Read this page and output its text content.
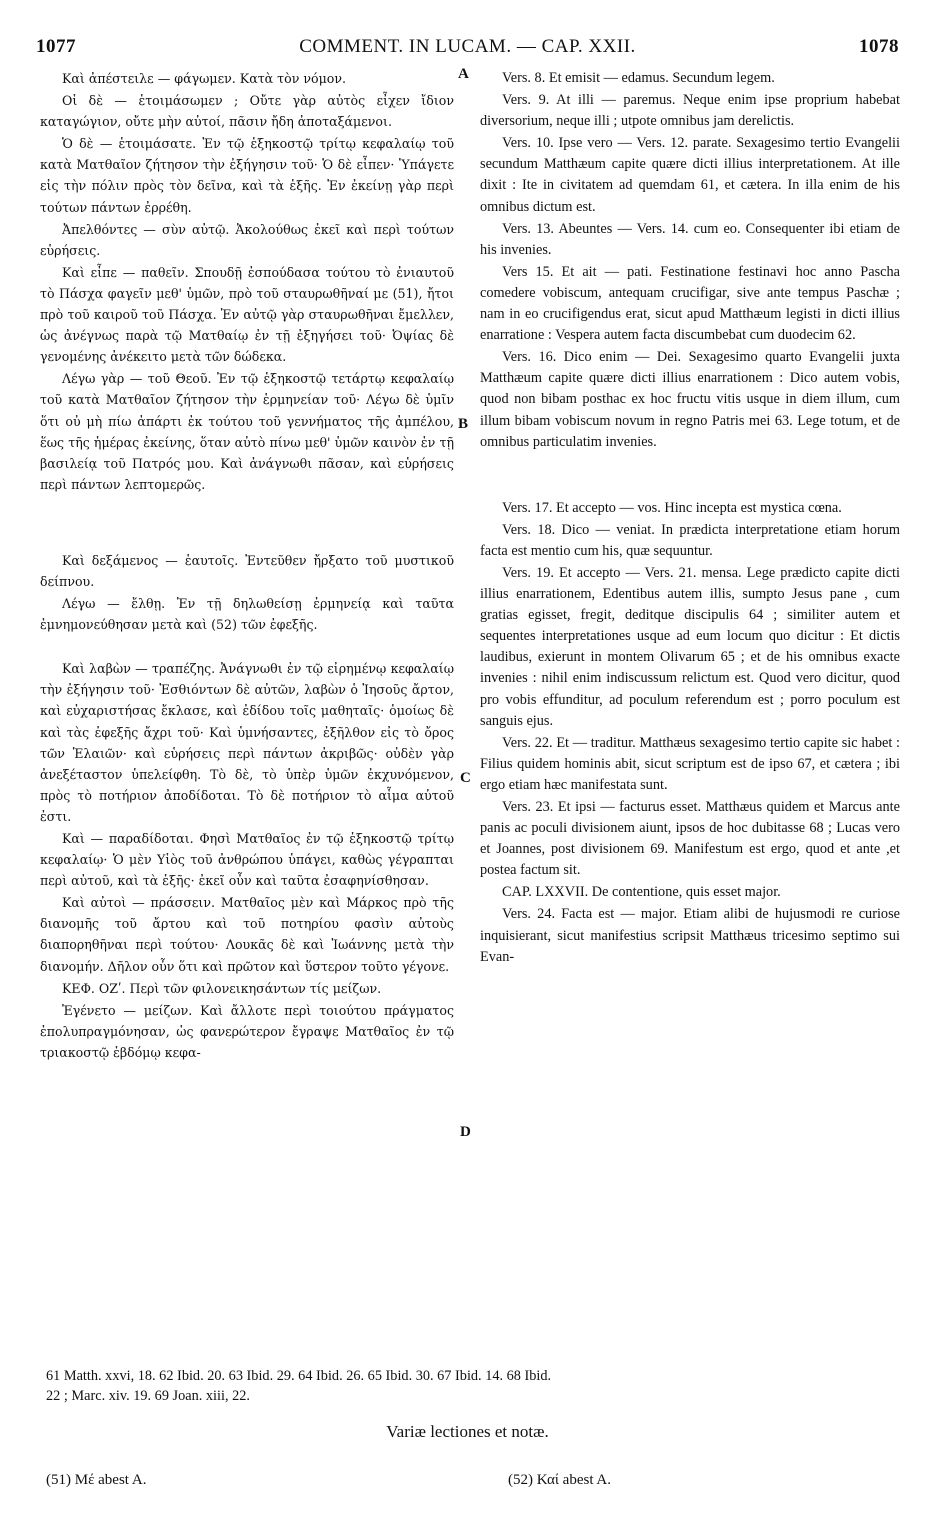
1077	COMMENT. IN LUCAM. — CAP. XXII.	1078
A
B
C
D

Καὶ ἀπέστειλε — φάγωμεν. Κατὰ τὸν νόμον.

Οἱ δὲ — ἑτοιμάσωμεν ; Οὔτε γὰρ αὐτὸς εἶχεν ἴδιον καταγώγιον, οὔτε μὴν αὐτοί, πᾶσιν ἤδη ἀποταξάμενοι.

Ὁ δὲ — ἑτοιμάσατε. Ἐν τῷ ἑξηκοστῷ τρίτῳ κεφαλαίῳ τοῦ κατὰ Ματθαῖον ζήτησον τὴν ἐξήγησιν τοῦ· Ὁ δὲ εἶπεν· Ὑπάγετε εἰς τὴν πόλιν πρὸς τὸν δεῖνα, καὶ τὰ ἑξῆς. Ἐν ἐκείνῃ γὰρ περὶ τούτων πάντων ἐρρέθη.

Ἀπελθόντες — σὺν αὐτῷ. Ἀκολούθως ἐκεῖ καὶ περὶ τούτων εὑρήσεις.

Καὶ εἶπε — παθεῖν. Σπουδῇ ἐσπούδασα τούτου τὸ ἐνιαυτοῦ τὸ Πάσχα φαγεῖν μεθ' ὑμῶν, πρὸ τοῦ σταυρωθῆναί με (51), ἤτοι πρὸ τοῦ καιροῦ τοῦ Πάσχα. Ἐν αὐτῷ γὰρ σταυρωθῆναι ἔμελλεν, ὡς ἀνέγνως παρὰ τῷ Ματθαίῳ ἐν τῇ ἐξηγήσει τοῦ· Ὀψίας δὲ γενομένης ἀνέκειτο μετὰ τῶν δώδεκα.

Λέγω γὰρ — τοῦ Θεοῦ. Ἐν τῷ ἑξηκοστῷ τετάρτῳ κεφαλαίῳ τοῦ κατὰ Ματθαῖον ζήτησον τὴν ἑρμηνείαν τοῦ· Λέγω δὲ ὑμῖν ὅτι οὐ μὴ πίω ἀπάρτι ἐκ τούτου τοῦ γεννήματος τῆς ἀμπέλου, ἕως τῆς ἡμέρας ἐκείνης, ὅταν αὐτὸ πίνω μεθ' ὑμῶν καινὸν ἐν τῇ βασιλείᾳ τοῦ Πατρός μου. Καὶ ἀνάγνωθι πᾶσαν, καὶ εὑρήσεις περὶ πάντων λεπτομερῶς.

Καὶ δεξάμενος — ἑαυτοῖς. Ἐντεῦθεν ἤρξατο τοῦ μυστικοῦ δείπνου.

Λέγω — ἔλθῃ. Ἐν τῇ δηλωθείσῃ ἑρμηνείᾳ καὶ ταῦτα ἐμνημονεύθησαν μετὰ καὶ (52) τῶν ἐφεξῆς.

Καὶ λαβὼν — τραπέζης. Ἀνάγνωθι ἐν τῷ εἰρημένῳ κεφαλαίῳ τὴν ἐξήγησιν τοῦ· Ἐσθιόντων δὲ αὐτῶν, λαβὼν ὁ Ἰησοῦς ἄρτον, καὶ εὐχαριστήσας ἔκλασε, καὶ ἐδίδου τοῖς μαθηταῖς· ὁμοίως δὲ καὶ τὰς ἐφεξῆς ἄχρι τοῦ· Καὶ ὑμνήσαντες, ἐξῆλθον εἰς τὸ ὄρος τῶν Ἐλαιῶν· καὶ εὑρήσεις περὶ πάντων ἀκριβῶς· οὐδὲν γὰρ ἀνεξέταστον ὑπελείφθη. Τὸ δὲ, τὸ ὑπὲρ ὑμῶν ἐκχυνόμενον, πρὸς τὸ ποτήριον ἀποδίδοται. Τὸ δὲ ποτήριον τὸ αἷμα αὐτοῦ ἐστι.

Καὶ — παραδίδοται. Φησὶ Ματθαῖος ἐν τῷ ἑξηκοστῷ τρίτῳ κεφαλαίῳ· Ὁ μὲν Υἱὸς τοῦ ἀνθρώπου ὑπάγει, καθὼς γέγραπται περὶ αὐτοῦ, καὶ τὰ ἑξῆς· ἐκεῖ οὖν καὶ ταῦτα ἐσαφηνίσθησαν.

Καὶ αὐτοὶ — πράσσειν. Ματθαῖος μὲν καὶ Μάρκος πρὸ τῆς διανομῆς τοῦ ἄρτου καὶ τοῦ ποτηρίου φασὶν αὐτοὺς διαπορηθῆναι περὶ τούτου· Λουκᾶς δὲ καὶ Ἰωάννης μετὰ τὴν διανομήν. Δῆλον οὖν ὅτι καὶ πρῶτον καὶ ὕστερον τοῦτο γέγονε.

ΚΕΦ. ΟΖʹ. Περὶ τῶν φιλονεικησάντων τίς μείζων.

Ἐγένετο — μείζων. Καὶ ἄλλοτε περὶ τοιούτου πράγματος ἐπολυπραγμόνησαν, ὡς φανερώτερον ἔγραψε Ματθαῖος ἐν τῷ τριακοστῷ ἑβδόμῳ κεφα-

Vers. 8. Et emisit — edamus. Secundum legem.

Vers. 9. At illi — paremus. Neque enim ipse proprium habebat diversorium, neque illi ; utpote omnibus jam derelictis.

Vers. 10. Ipse vero — Vers. 12. parate. Sexagesimo tertio Evangelii secundum Matthæum capite quære dicti illius interpretationem. At ille dixit : Ite in civitatem ad quemdam 61, et cætera. In illa enim de his omnibus dictum est.

Vers. 13. Abeuntes — Vers. 14. cum eo. Consequenter ibi etiam de his invenies.

Vers 15. Et ait — pati. Festinatione festinavi hoc anno Pascha comedere vobiscum, antequam crucifigar, sive ante tempus Paschæ ; nam in eo crucifigendus erat, sicut apud Matthæum legisti in dicti illius enarratione : Vespera autem facta discumbebat cum duodecim 62.

Vers. 16. Dico enim — Dei. Sexagesimo quarto Evangelii juxta Matthæum capite quære dicti illius enarrationem : Dico autem vobis, quod non bibam posthac ex hoc fructu vitis usque in diem illum, cum illum bibam vobiscum novum in regno Patris mei 63. Lege totum, et de omnibus particulatim invenies.

Vers. 17. Et accepto — vos. Hinc incepta est mystica cœna.

Vers. 18. Dico — veniat. In prædicta interpretatione etiam horum facta est mentio cum his, quæ sequuntur.

Vers. 19. Et accepto — Vers. 21. mensa. Lege prædicto capite dicti illius enarrationem, Edentibus autem illis, sumpto Jesus pane , cum gratias egisset, fregit, deditque discipulis 64 ; similiter autem et sequentes interpretationes usque ad eum locum quo dicitur : Et dictis laudibus, exierunt in montem Olivarum 65 ; et de his omnibus exacte invenies : nihil enim indiscussum relictum est. Quod vero dicitur, quod pro vobis effunditur, ad poculum referendum est ; porro poculum est sanguis ejus.

Vers. 22. Et — traditur. Matthæus sexagesimo tertio capite sic habet : Filius quidem hominis abit, sicut scriptum est de ipso 67, et cætera ; ibi ergo etiam hæc manifestata sunt.

Vers. 23. Et ipsi — facturus esset. Matthæus quidem et Marcus ante panis ac poculi divisionem aiunt, ipsos de hoc dubitasse 68 ; Lucas vero et Joannes, post divisionem 69. Manifestum est ergo, quod et ante ,et postea factum sit.

CAP. LXXVII. De contentione, quis esset major.

Vers. 24. Facta est — major. Etiam alibi de hujusmodi re curiose inquisierant, sicut manifestius scripsit Matthæus tricesimo septimo sui Evan-

61 Matth. xxvi, 18. 62 Ibid. 20. 63 Ibid. 29. 64 Ibid. 26. 65 Ibid. 30. 67 Ibid. 14. 68 Ibid.
22 ; Marc. xiv. 19. 69 Joan. xiii, 22.
Variæ lectiones et notæ.
(51) Μέ abest A.	(52) Καί abest A.
